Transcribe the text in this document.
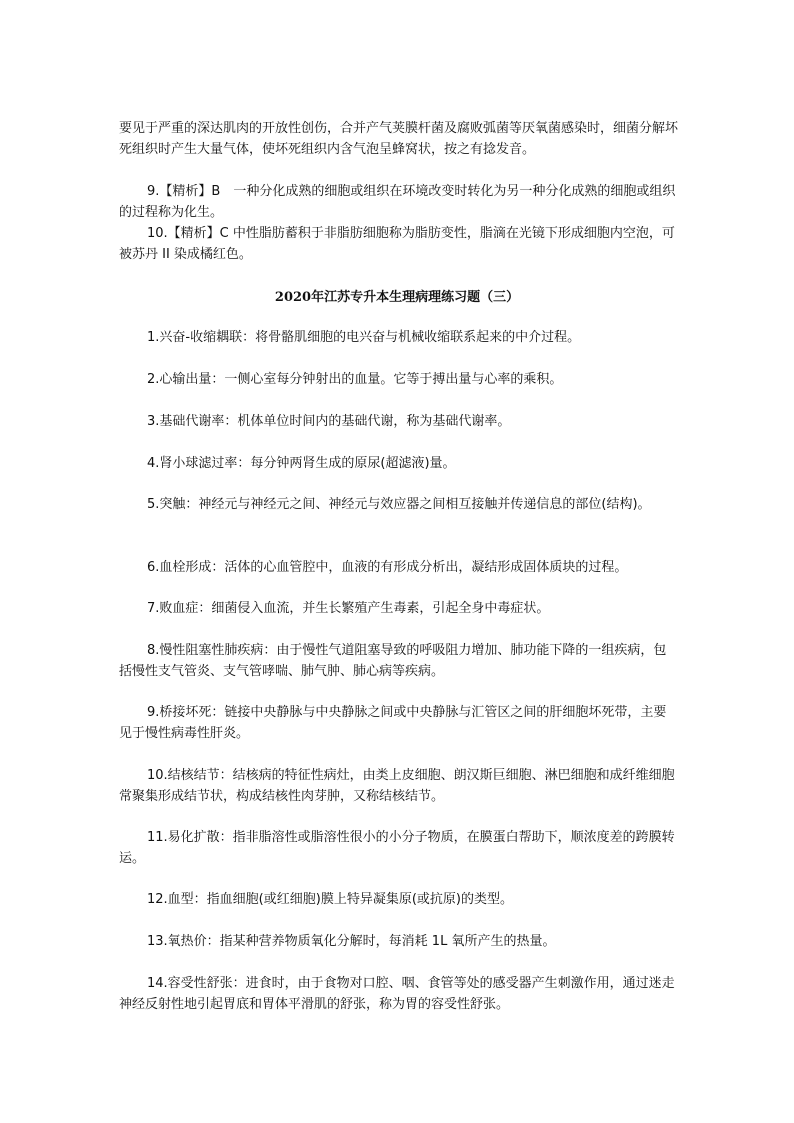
要见于严重的深达肌肉的开放性创伤，合并产气荚膜杆菌及腐败弧菌等厌氧菌感染时，细菌分解坏死组织时产生大量气体，使坏死组织内含气泡呈蜂窝状，按之有捻发音。

9.【精析】B　一种分化成熟的细胞或组织在环境改变时转化为另一种分化成熟的细胞或组织的过程称为化生。

10.【精析】C 中性脂肪蓄积于非脂肪细胞称为脂肪变性，脂滴在光镜下形成细胞内空泡，可被苏丹 II 染成橘红色。

2020年江苏专升本生理病理练习题（三）

1.兴奋-收缩耦联：将骨骼肌细胞的电兴奋与机械收缩联系起来的中介过程。

2.心输出量：一侧心室每分钟射出的血量。它等于搏出量与心率的乘积。

3.基础代谢率：机体单位时间内的基础代谢，称为基础代谢率。

4.肾小球滤过率：每分钟两肾生成的原尿(超滤液)量。

5.突触：神经元与神经元之间、神经元与效应器之间相互接触并传递信息的部位(结构)。

6.血栓形成：活体的心血管腔中，血液的有形成分析出，凝结形成固体质块的过程。

7.败血症：细菌侵入血流，并生长繁殖产生毒素，引起全身中毒症状。

8.慢性阻塞性肺疾病：由于慢性气道阻塞导致的呼吸阻力增加、肺功能下降的一组疾病，包括慢性支气管炎、支气管哮喘、肺气肿、肺心病等疾病。

9.桥接坏死：链接中央静脉与中央静脉之间或中央静脉与汇管区之间的肝细胞坏死带，主要见于慢性病毒性肝炎。

10.结核结节：结核病的特征性病灶，由类上皮细胞、朗汉斯巨细胞、淋巴细胞和成纤维细胞常聚集形成结节状，构成结核性肉芽肿，又称结核结节。

11.易化扩散：指非脂溶性或脂溶性很小的小分子物质，在膜蛋白帮助下，顺浓度差的跨膜转运。

12.血型：指血细胞(或红细胞)膜上特异凝集原(或抗原)的类型。

13.氧热价：指某种营养物质氧化分解时，每消耗 1L 氧所产生的热量。

14.容受性舒张：进食时，由于食物对口腔、咽、食管等处的感受器产生刺激作用，通过迷走神经反射性地引起胃底和胃体平滑肌的舒张，称为胃的容受性舒张。
